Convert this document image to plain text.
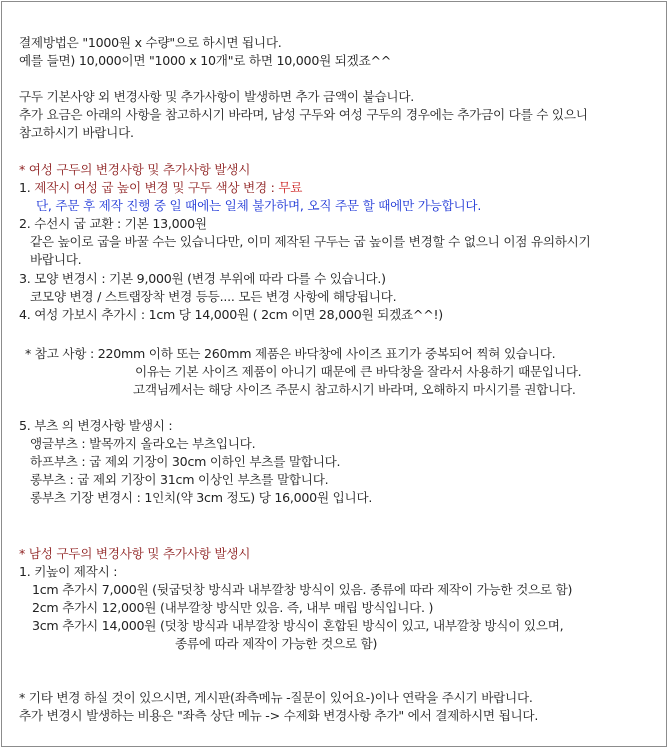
결제방법은 "1000원 x 수량"으로 하시면 됩니다.
예를 들면) 10,000이면 "1000 x 10개"로 하면 10,000원 되겠죠^^
구두 기본사양 외 변경사항 및 추가사항이 발생하면 추가 금액이 붙습니다.
추가 요금은 아래의 사항을 참고하시기 바라며, 남성 구두와 여성 구두의 경우에는 추가금이 다를 수 있으니
참고하시기 바랍니다.
* 여성 구두의 변경사항 및 추가사항 발생시
1. 제작시 여성 굽 높이 변경 및 구두 색상 변경 : 무료
단, 주문 후 제작 진행 중 일 때에는 일체 불가하며, 오직 주문 할 때에만 가능합니다.
2. 수선시 굽 교환 : 기본 13,000원
같은 높이로 굽을 바꿀 수는 있습니다만, 이미 제작된 구두는 굽 높이를 변경할 수 없으니 이점 유의하시기
바랍니다.
3. 모양 변경시 : 기본 9,000원 (변경 부위에 따라 다를 수 있습니다.)
코모양 변경 / 스트랩장착 변경 등등.... 모든 변경 사항에 해당됩니다.
4. 여성 가보시 추가시 : 1cm 당 14,000원 ( 2cm 이면 28,000원 되겠죠^^!)
* 참고 사항 : 220mm 이하 또는 260mm 제품은 바닥창에 사이즈 표기가 중복되어 찍혀 있습니다.
이유는 기본 사이즈 제품이 아니기 때문에 큰 바닥창을 잘라서 사용하기 때문입니다.
고객님께서는 해당 사이즈 주문시 참고하시기 바라며, 오해하지 마시기를 권합니다.
5. 부츠 의 변경사항 발생시 :
앵글부츠 : 발목까지 올라오는 부츠입니다.
하프부츠 : 굽 제외 기장이 30cm 이하인 부츠를 말합니다.
롱부츠 : 굽 제외 기장이 31cm 이상인 부츠를 말합니다.
롱부츠 기장 변경시 : 1인치(약 3cm 정도) 당 16,000원 입니다.
* 남성 구두의 변경사항 및 추가사항 발생시
1. 키높이 제작시 :
1cm 추가시 7,000원 (뒷굽덧창 방식과 내부깔창 방식이 있음. 종류에 따라 제작이 가능한 것으로 함)
2cm 추가시 12,000원 (내부깔창 방식만 있음. 즉, 내부 매립 방식입니다. )
3cm 추가시 14,000원 (덧창 방식과 내부깔창 방식이 혼합된 방식이 있고, 내부깔창 방식이 있으며,
종류에 따라 제작이 가능한 것으로 함)
* 기타 변경 하실 것이 있으시면, 게시판(좌측메뉴 -질문이 있어요-)이나 연락을 주시기 바랍니다.
추가 변경시 발생하는 비용은 "좌측 상단 메뉴 -> 수제화 변경사항 추가" 에서 결제하시면 됩니다.
